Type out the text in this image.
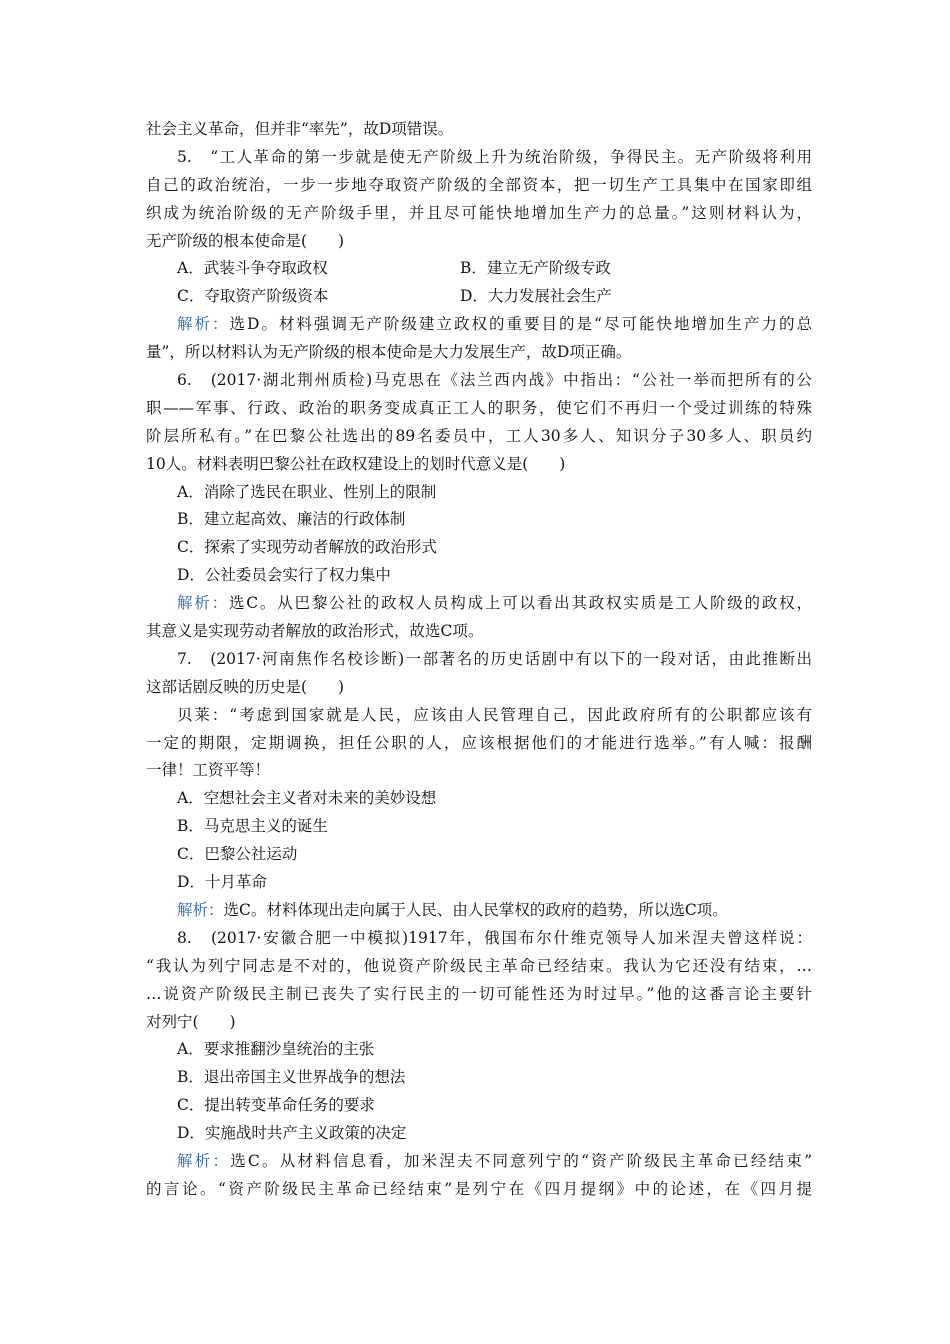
社会主义革命，但并非“率先”，故D项错误。
5.　“工人革命的第一步就是使无产阶级上升为统治阶级，争得民主。无产阶级将利用
自己的政治统治，一步一步地夺取资产阶级的全部资本，把一切生产工具集中在国家即组
织成为统治阶级的无产阶级手里，并且尽可能快地增加生产力的总量。”这则材料认为，
无产阶级的根本使命是(　　)
A．武装斗争夺取政权	B．建立无产阶级专政
C．夺取资产阶级资本	D．大力发展社会生产
解析：选D。材料强调无产阶级建立政权的重要目的是“尽可能快地增加生产力的总
量”，所以材料认为无产阶级的根本使命是大力发展生产，故D项正确。
6.　(2017·湖北荆州质检)马克思在《法兰西内战》中指出：“公社一举而把所有的公
职——军事、行政、政治的职务变成真正工人的职务，使它们不再归一个受过训练的特殊
阶层所私有。”在巴黎公社选出的89名委员中，工人30多人、知识分子30多人、职员约
10人。材料表明巴黎公社在政权建设上的划时代意义是(　　)
A．消除了选民在职业、性别上的限制
B．建立起高效、廉洁的行政体制
C．探索了实现劳动者解放的政治形式
D．公社委员会实行了权力集中
解析：选C。从巴黎公社的政权人员构成上可以看出其政权实质是工人阶级的政权，
其意义是实现劳动者解放的政治形式，故选C项。
7.　(2017·河南焦作名校诊断)一部著名的历史话剧中有以下的一段对话，由此推断出
这部话剧反映的历史是(　　)
贝莱：“考虑到国家就是人民，应该由人民管理自己，因此政府所有的公职都应该有
一定的期限，定期调换，担任公职的人，应该根据他们的才能进行选举。”有人喊：报酬
一律！工资平等！
A．空想社会主义者对未来的美妙设想
B．马克思主义的诞生
C．巴黎公社运动
D．十月革命
解析：选C。材料体现出走向属于人民、由人民掌权的政府的趋势，所以选C项。
8.　(2017·安徽合肥一中模拟)1917年，俄国布尔什维克领导人加米涅夫曾这样说：
“我认为列宁同志是不对的，他说资产阶级民主革命已经结束。我认为它还没有结束，…
…说资产阶级民主制已丧失了实行民主的一切可能性还为时过早。”他的这番言论主要针
对列宁(　　)
A．要求推翻沙皇统治的主张
B．退出帝国主义世界战争的想法
C．提出转变革命任务的要求
D．实施战时共产主义政策的决定
解析：选C。从材料信息看，加米涅夫不同意列宁的“资产阶级民主革命已经结束”
的言论。“资产阶级民主革命已经结束”是列宁在《四月提纲》中的论述，在《四月提
